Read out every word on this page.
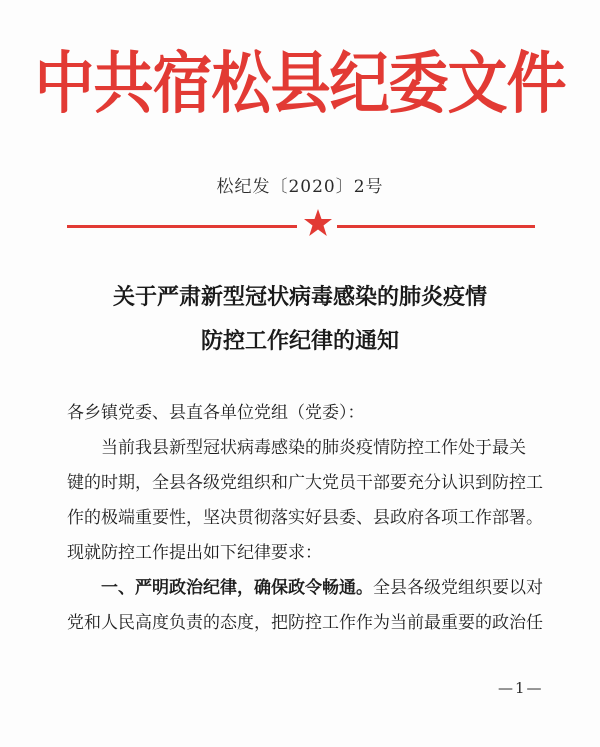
中共宿松县纪委文件
松纪发〔2020〕2号
关于严肃新型冠状病毒感染的肺炎疫情
防控工作纪律的通知
各乡镇党委、县直各单位党组（党委）：
当前我县新型冠状病毒感染的肺炎疫情防控工作处于最关
键的时期，全县各级党组织和广大党员干部要充分认识到防控工
作的极端重要性，坚决贯彻落实好县委、县政府各项工作部署。
现就防控工作提出如下纪律要求：
一、严明政治纪律，确保政令畅通。全县各级党组织要以对
党和人民高度负责的态度，把防控工作作为当前最重要的政治任
—1—
